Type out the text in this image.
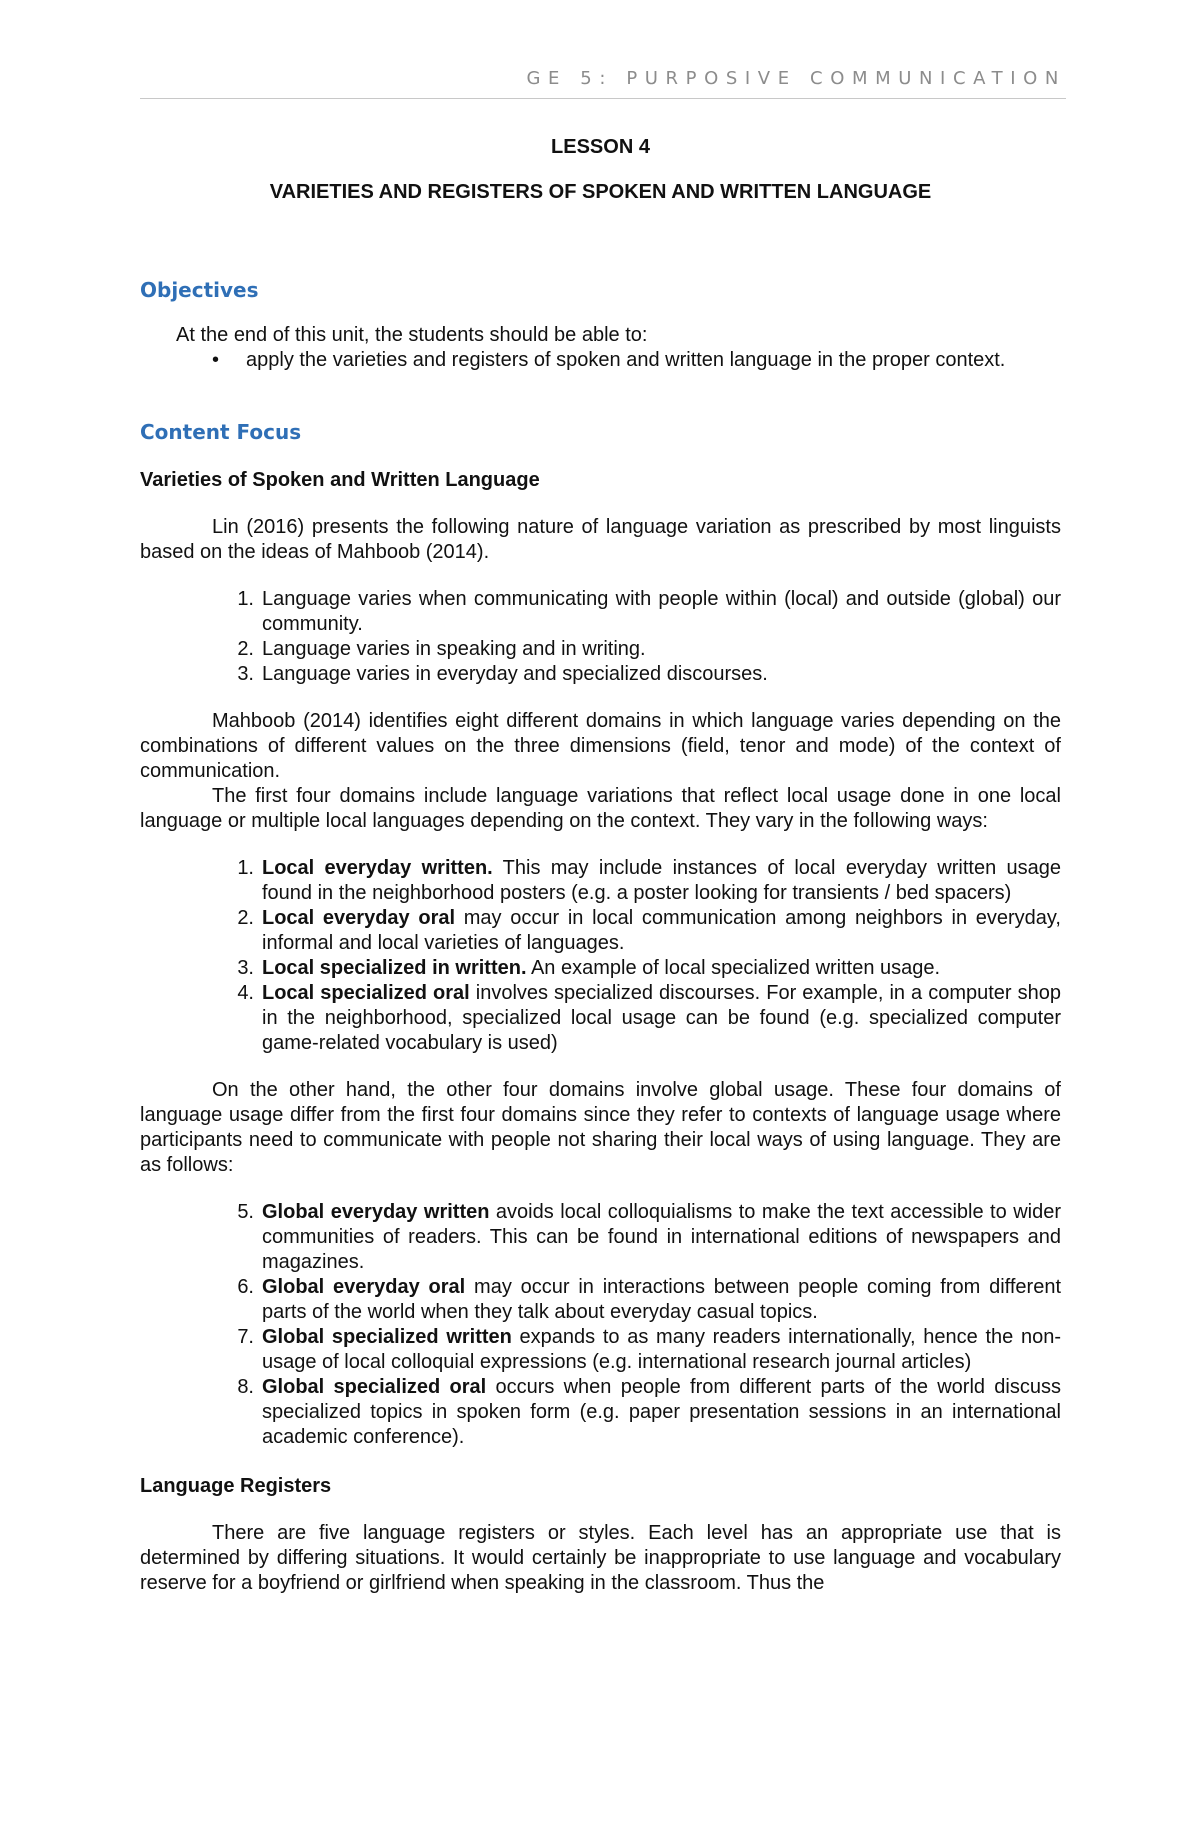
GE 5: PURPOSIVE COMMUNICATION

LESSON 4

VARIETIES AND REGISTERS OF SPOKEN AND WRITTEN LANGUAGE

Objectives

At the end of this unit, the students should be able to:

• apply the varieties and registers of spoken and written language in the proper context.

Content Focus

Varieties of Spoken and Written Language

Lin (2016) presents the following nature of language variation as prescribed by most linguists based on the ideas of Mahboob (2014).

1. Language varies when communicating with people within (local) and outside (global) our community.
2. Language varies in speaking and in writing.
3. Language varies in everyday and specialized discourses.

Mahboob (2014) identifies eight different domains in which language varies depending on the combinations of different values on the three dimensions (field, tenor and mode) of the context of communication.

The first four domains include language variations that reflect local usage done in one local language or multiple local languages depending on the context. They vary in the following ways:

1. Local everyday written. This may include instances of local everyday written usage found in the neighborhood posters (e.g. a poster looking for transients / bed spacers)
2. Local everyday oral may occur in local communication among neighbors in everyday, informal and local varieties of languages.
3. Local specialized in written. An example of local specialized written usage.
4. Local specialized oral involves specialized discourses. For example, in a computer shop in the neighborhood, specialized local usage can be found (e.g. specialized computer game-related vocabulary is used)

On the other hand, the other four domains involve global usage. These four domains of language usage differ from the first four domains since they refer to contexts of language usage where participants need to communicate with people not sharing their local ways of using language. They are as follows:

5. Global everyday written avoids local colloquialisms to make the text accessible to wider communities of readers. This can be found in international editions of newspapers and magazines.
6. Global everyday oral may occur in interactions between people coming from different parts of the world when they talk about everyday casual topics.
7. Global specialized written expands to as many readers internationally, hence the non-usage of local colloquial expressions (e.g. international research journal articles)
8. Global specialized oral occurs when people from different parts of the world discuss specialized topics in spoken form (e.g. paper presentation sessions in an international academic conference).

Language Registers

There are five language registers or styles. Each level has an appropriate use that is determined by differing situations. It would certainly be inappropriate to use language and vocabulary reserve for a boyfriend or girlfriend when speaking in the classroom. Thus the
